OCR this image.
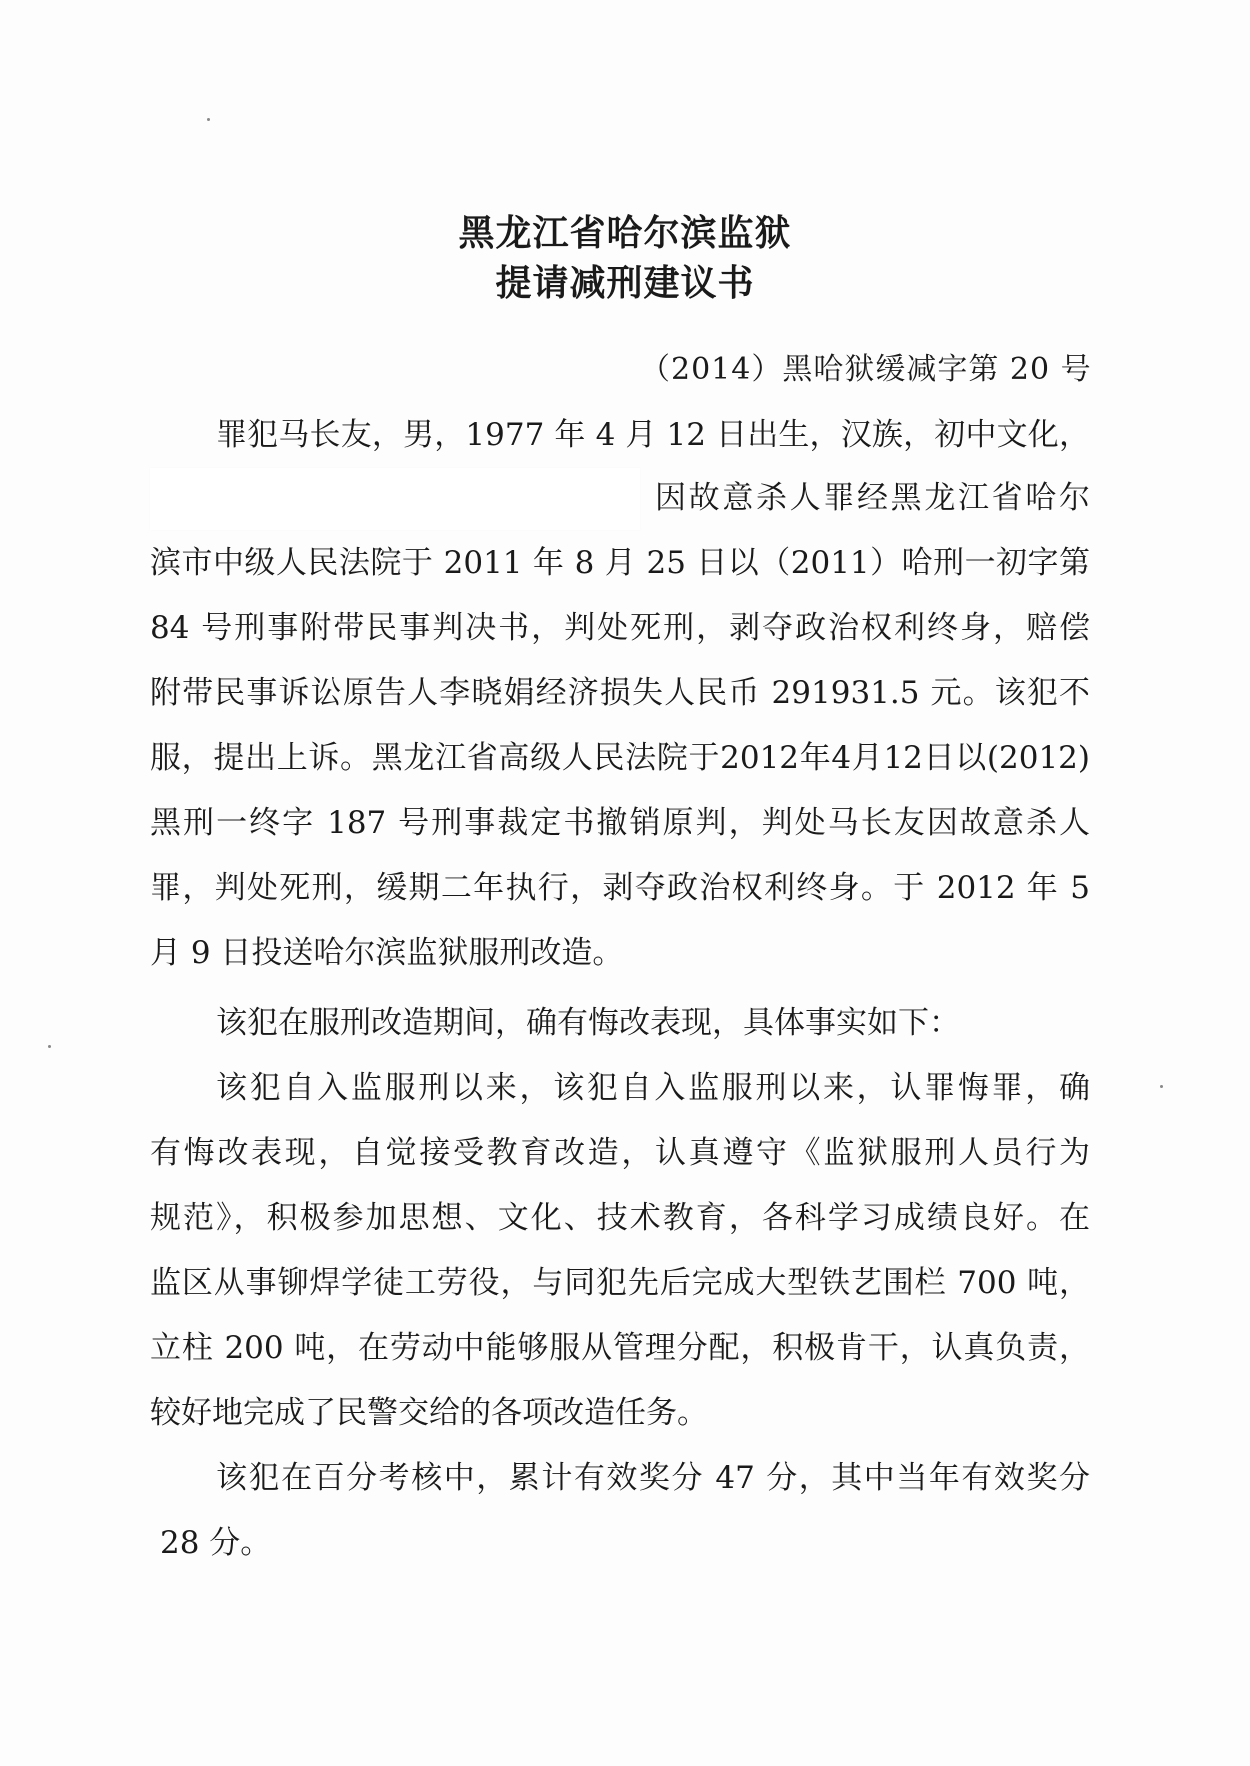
黑龙江省哈尔滨监狱
提请减刑建议书
（2014）黑哈狱缓减字第 20 号
罪犯马长友，男，1977 年 4 月 12 日出生，汉族，初中文化，
因故意杀人罪经黑龙江省哈尔
滨市中级人民法院于 2011 年 8 月 25 日以（2011）哈刑一初字第
84 号刑事附带民事判决书，判处死刑，剥夺政治权利终身，赔偿
附带民事诉讼原告人李晓娟经济损失人民币 291931.5 元。该犯不
服，提出上诉。黑龙江省高级人民法院于2012年4月12日以(2012)
黑刑一终字 187 号刑事裁定书撤销原判，判处马长友因故意杀人
罪，判处死刑，缓期二年执行，剥夺政治权利终身。于 2012 年 5
月 9 日投送哈尔滨监狱服刑改造。
该犯在服刑改造期间，确有悔改表现，具体事实如下：
该犯自入监服刑以来，该犯自入监服刑以来，认罪悔罪，确
有悔改表现，自觉接受教育改造，认真遵守《监狱服刑人员行为
规范》，积极参加思想、文化、技术教育，各科学习成绩良好。在
监区从事铆焊学徒工劳役，与同犯先后完成大型铁艺围栏 700 吨，
立柱 200 吨，在劳动中能够服从管理分配，积极肯干，认真负责，
较好地完成了民警交给的各项改造任务。
该犯在百分考核中，累计有效奖分 47 分，其中当年有效奖分
28 分。
